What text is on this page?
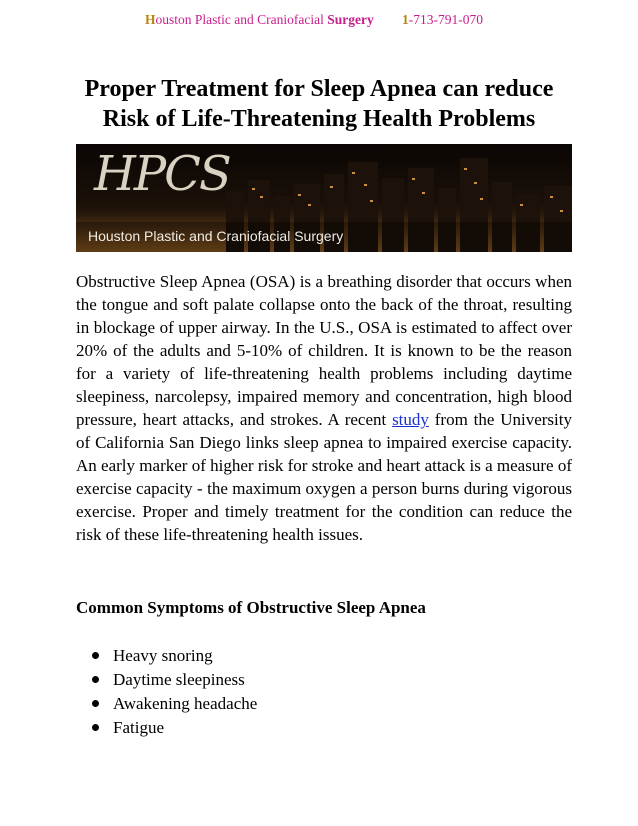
Houston Plastic and Craniofacial Surgery 1-713-791-070
Proper Treatment for Sleep Apnea can reduce Risk of Life-Threatening Health Problems
HPCS
Houston Plastic and Craniofacial Surgery

Obstructive Sleep Apnea (OSA) is a breathing disorder that occurs when the tongue and soft palate collapse onto the back of the throat, resulting in blockage of upper airway. In the U.S., OSA is estimated to affect over 20% of the adults and 5-10% of children. It is known to be the reason for a variety of life-threatening health problems including daytime sleepiness, narcolepsy, impaired memory and concentration, high blood pressure, heart attacks, and strokes. A recent study from the University of California San Diego links sleep apnea to impaired exercise capacity. An early marker of higher risk for stroke and heart attack is a measure of exercise capacity - the maximum oxygen a person burns during vigorous exercise. Proper and timely treatment for the condition can reduce the risk of these life-threatening health issues.

Common Symptoms of Obstructive Sleep Apnea
Heavy snoring
Daytime sleepiness
Awakening headache
Fatigue
